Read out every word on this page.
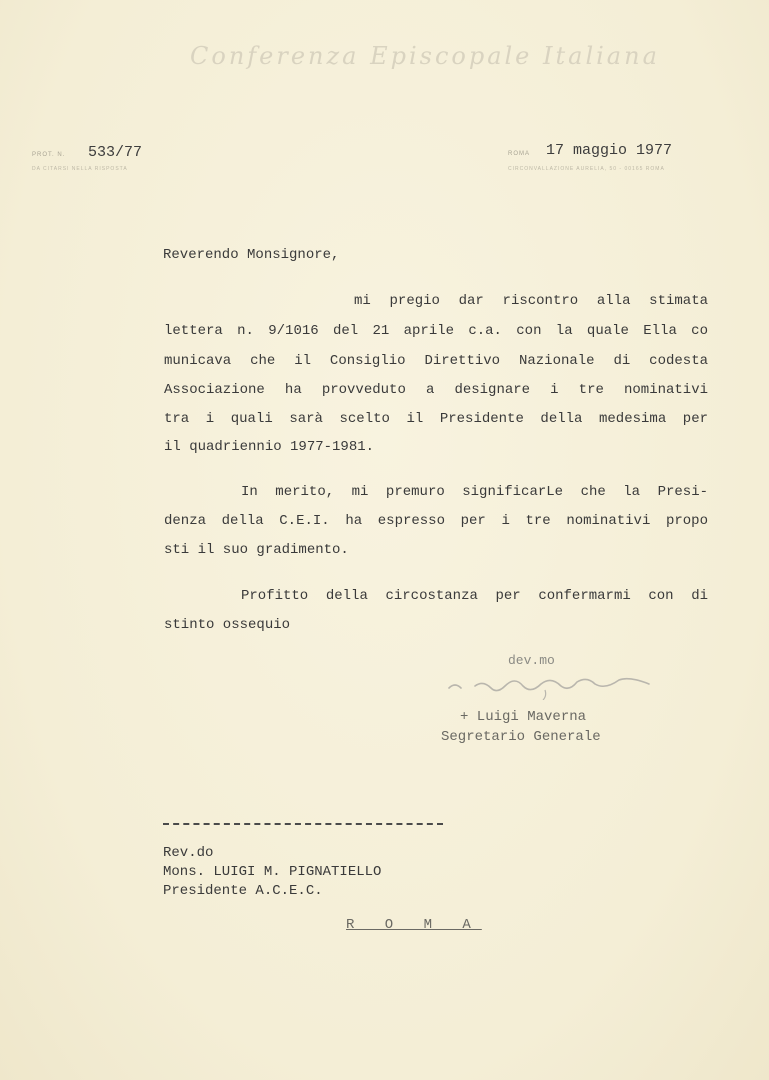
Conferenza Episcopale Italiana
PROT. N. 533/77
DA CITARSI NELLA RISPOSTA
ROMA 17 maggio 1977
CIRCONVALLAZIONE AURELIA, 50 - 00165 ROMA
Reverendo Monsignore,
mi pregio dar riscontro alla stimata
lettera n. 9/1016 del 21 aprile c.a. con la quale Ella co
municava che il Consiglio Direttivo Nazionale di codesta
Associazione ha provveduto a designare i tre nominativi
tra i quali sarà scelto il Presidente della medesima per
il quadriennio 1977-1981.
In merito, mi premuro significarLe che la Presi-
denza della C.E.I. ha espresso per i tre nominativi propo
sti il suo gradimento.
Profitto della circostanza per confermarmi con di
stinto ossequio
dev.mo
+ Luigi Maverna
Segretario Generale
Rev.do
Mons. LUIGI M. PIGNATIELLO
Presidente A.C.E.C.
R O M A
